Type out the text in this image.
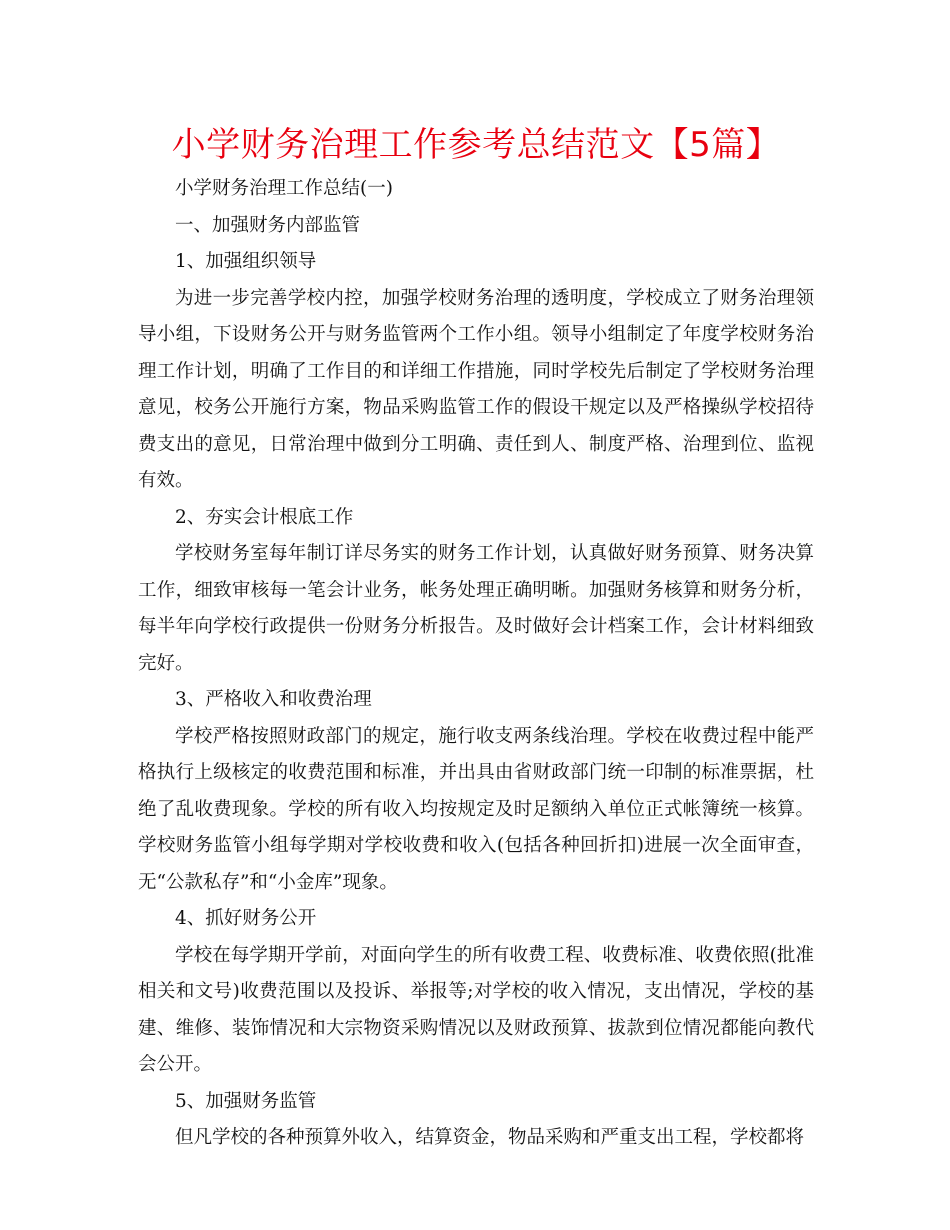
小学财务治理工作参考总结范文【5篇】

小学财务治理工作总结(一)

一、加强财务内部监管

1、加强组织领导

为进一步完善学校内控，加强学校财务治理的透明度，学校成立了财务治理领导小组，下设财务公开与财务监管两个工作小组。领导小组制定了年度学校财务治理工作计划，明确了工作目的和详细工作措施，同时学校先后制定了学校财务治理意见，校务公开施行方案，物品采购监管工作的假设干规定以及严格操纵学校招待费支出的意见，日常治理中做到分工明确、责任到人、制度严格、治理到位、监视有效。

2、夯实会计根底工作

学校财务室每年制订详尽务实的财务工作计划，认真做好财务预算、财务决算工作，细致审核每一笔会计业务，帐务处理正确明晰。加强财务核算和财务分析，每半年向学校行政提供一份财务分析报告。及时做好会计档案工作，会计材料细致完好。

3、严格收入和收费治理

学校严格按照财政部门的规定，施行收支两条线治理。学校在收费过程中能严格执行上级核定的收费范围和标准，并出具由省财政部门统一印制的标准票据，杜绝了乱收费现象。学校的所有收入均按规定及时足额纳入单位正式帐簿统一核算。学校财务监管小组每学期对学校收费和收入(包括各种回折扣)进展一次全面审查，无“公款私存”和“小金库”现象。

4、抓好财务公开

学校在每学期开学前，对面向学生的所有收费工程、收费标准、收费依照(批准相关和文号)收费范围以及投诉、举报等;对学校的收入情况，支出情况，学校的基建、维修、装饰情况和大宗物资采购情况以及财政预算、拔款到位情况都能向教代会公开。

5、加强财务监管

但凡学校的各种预算外收入，结算资金，物品采购和严重支出工程，学校都将
